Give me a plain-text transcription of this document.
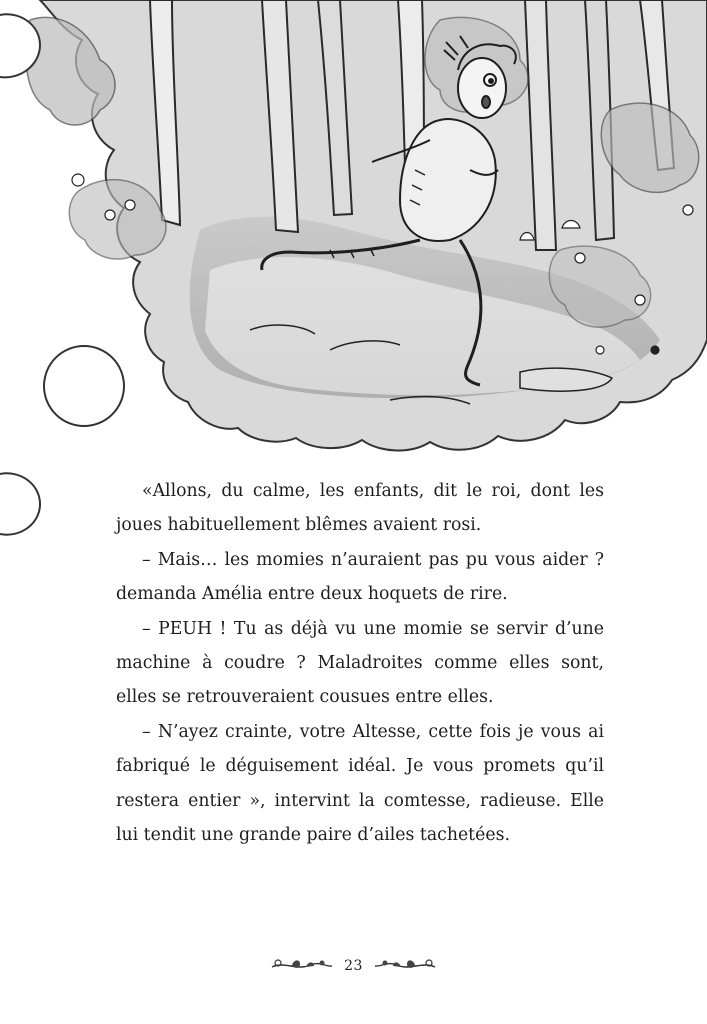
«Allons, du calme, les enfants, dit le roi, dont les joues habituellement blêmes avaient rosi.

– Mais… les momies n’auraient pas pu vous aider ? demanda Amélia entre deux hoquets de rire.

– PEUH ! Tu as déjà vu une momie se servir d’une machine à coudre ? Maladroites comme elles sont, elles se retrouveraient cousues entre elles.

– N’ayez crainte, votre Altesse, cette fois je vous ai fabriqué le déguisement idéal. Je vous promets qu’il restera entier », intervint la comtesse, radieuse. Elle lui tendit une grande paire d’ailes tachetées.

23
